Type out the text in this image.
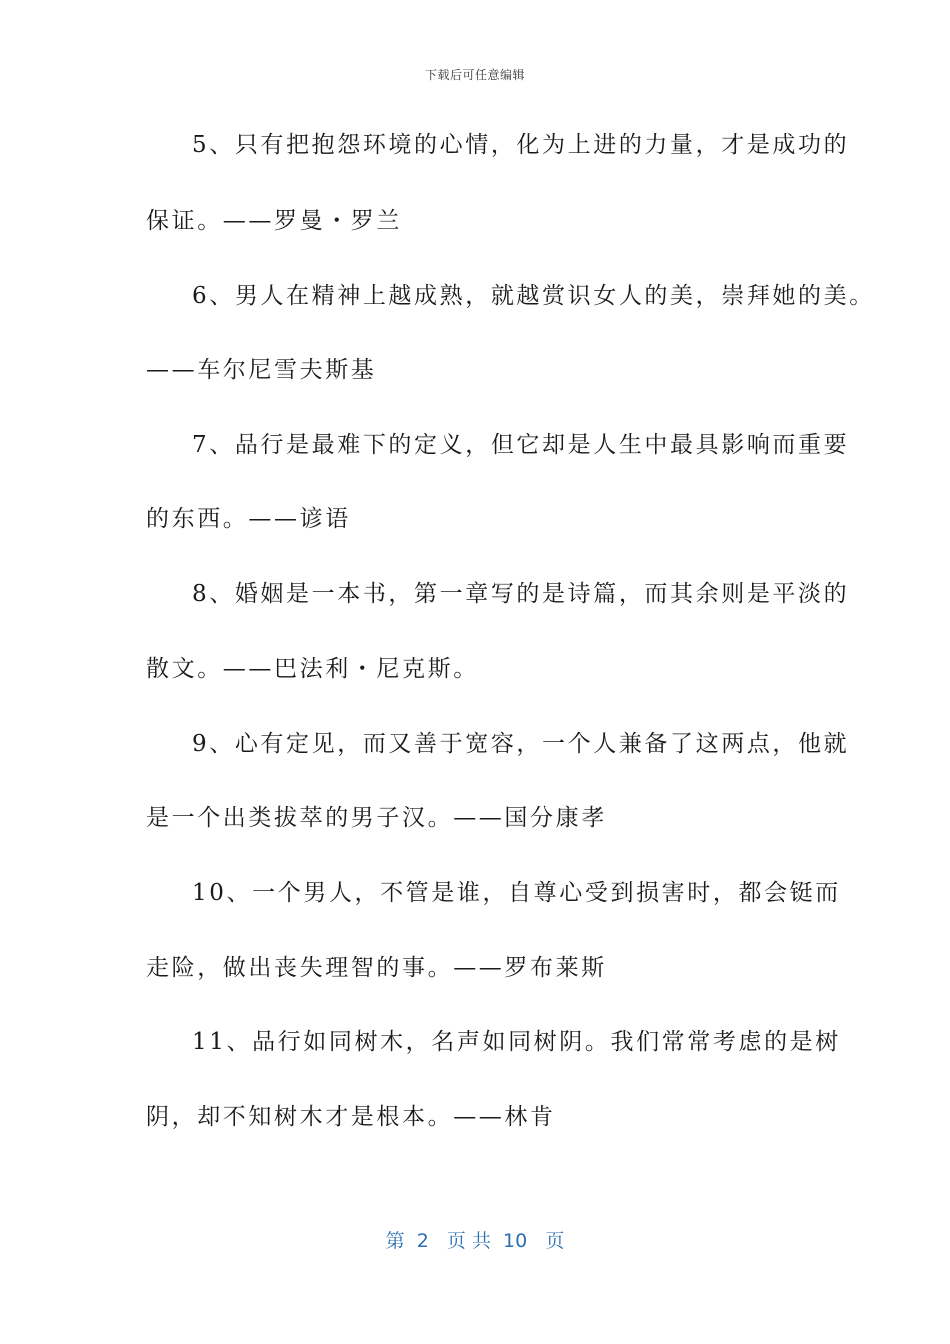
下载后可任意编辑
5、只有把抱怨环境的心情，化为上进的力量，才是成功的
保证。——罗曼・罗兰
6、男人在精神上越成熟，就越赏识女人的美，崇拜她的美。
——车尔尼雪夫斯基
7、品行是最难下的定义，但它却是人生中最具影响而重要
的东西。——谚语
8、婚姻是一本书，第一章写的是诗篇，而其余则是平淡的
散文。——巴法利・尼克斯。
9、心有定见，而又善于宽容，一个人兼备了这两点，他就
是一个出类拔萃的男子汉。——国分康孝
10、一个男人，不管是谁，自尊心受到损害时，都会铤而
走险，做出丧失理智的事。——罗布莱斯
11、品行如同树木，名声如同树阴。我们常常考虑的是树
阴，却不知树木才是根本。——林肯
第  2   页 共  10   页
